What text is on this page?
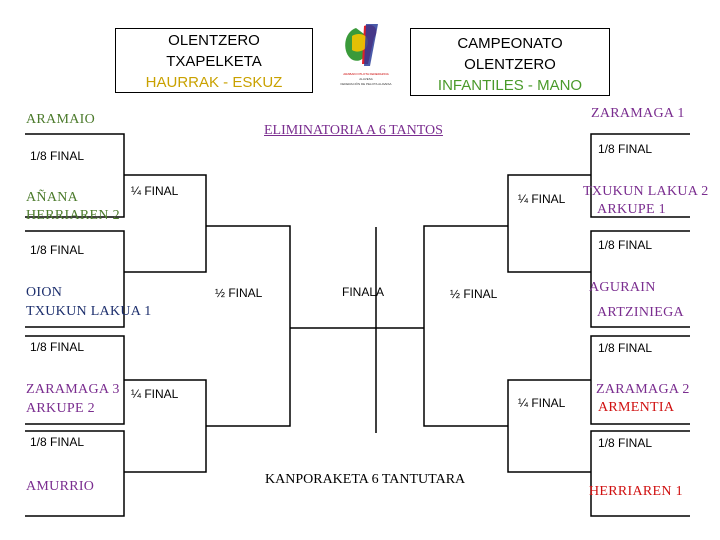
OLENTZERO
TXAPELKETA
HAURRAK - ESKUZ	ARABAKO PILOTA FEDERAZIOA
ALAVESA
FEDERACIÓN DE PELOTA ALAVESA
CAMPEONATO
OLENTZERO
INFANTILES - MANO
ELIMINATORIA A 6 TANTOS
KANPORAKETA 6 TANTUTARA
ARAMAIO
AÑANA
HERRIAREN 2
OION
TXUKUN LAKUA 1
ZARAMAGA 3
ARKUPE 2
AMURRIO
ZARAMAGA 1
TXUKUN LAKUA 2
ARKUPE 1
AGURAIN
ARTZINIEGA
ZARAMAGA 2
ARMENTIA
HERRIAREN 1
1/8 FINAL
1/8 FINAL
1/8 FINAL
1/8 FINAL
1/8 FINAL
1/8 FINAL
1/8 FINAL
1/8 FINAL
¼ FINAL
¼ FINAL
¼ FINAL
¼ FINAL
½ FINAL	½ FINAL
FINALA
